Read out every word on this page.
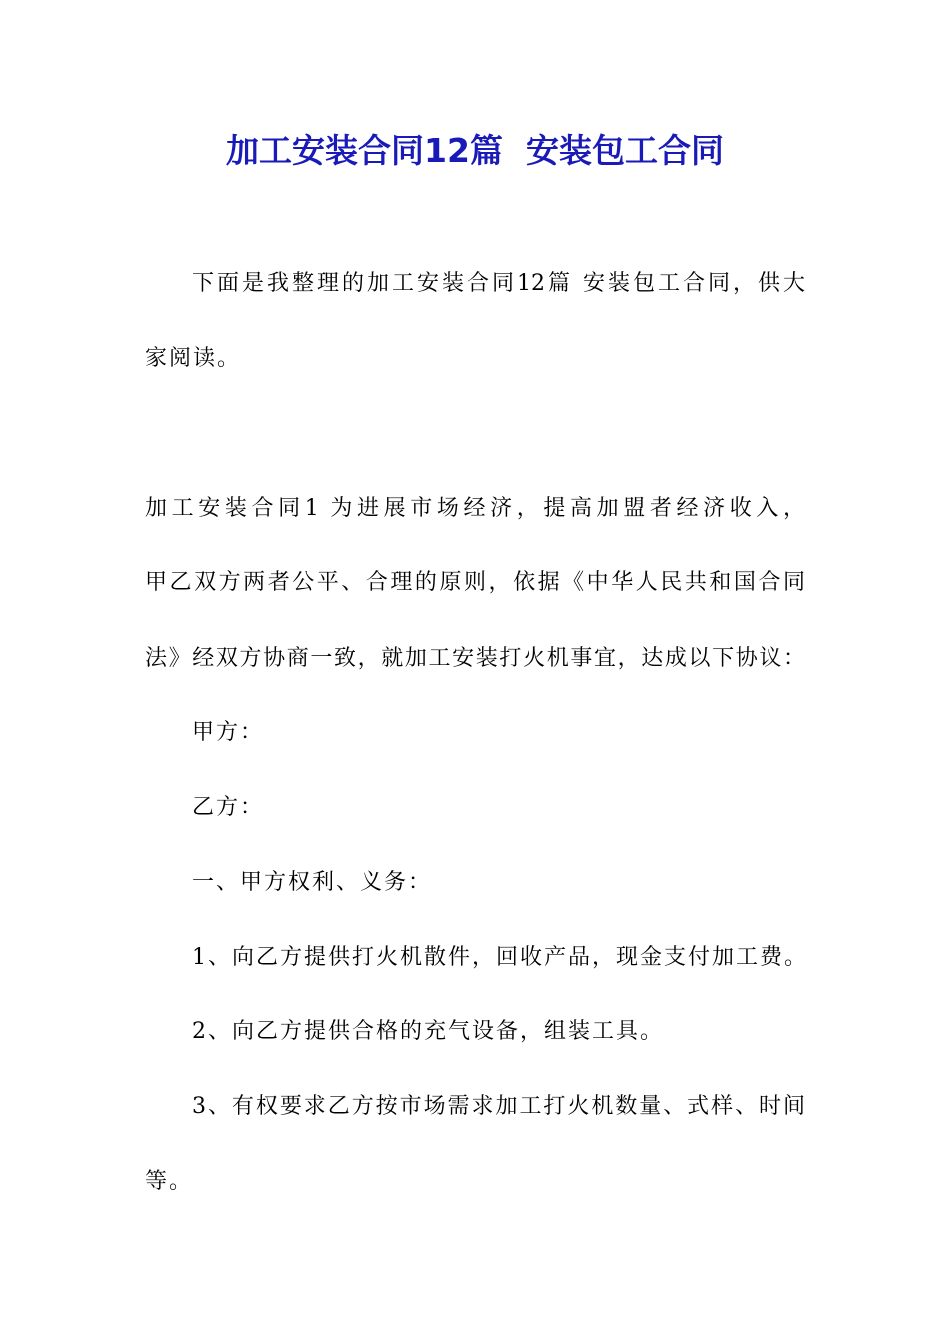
加工安装合同12篇  安装包工合同

下面是我整理的加工安装合同12篇 安装包工合同，供大

家阅读。

加工安装合同1 为进展市场经济，提高加盟者经济收入，

甲乙双方两者公平、合理的原则，依据《中华人民共和国合同

法》经双方协商一致，就加工安装打火机事宜，达成以下协议：

甲方：

乙方：

一、甲方权利、义务：

1、向乙方提供打火机散件，回收产品，现金支付加工费。

2、向乙方提供合格的充气设备，组装工具。

3、有权要求乙方按市场需求加工打火机数量、式样、时间

等。
